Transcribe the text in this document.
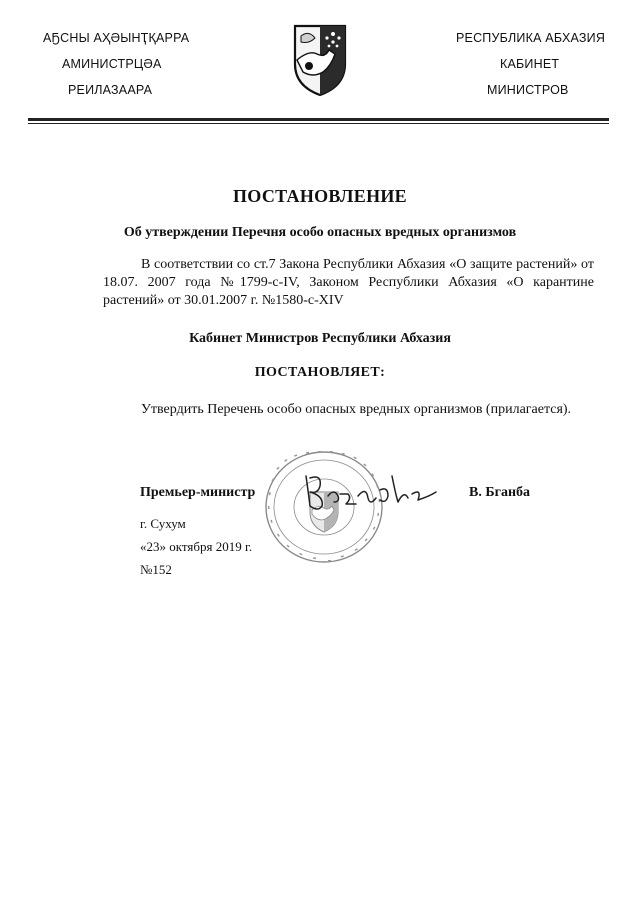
АҔСНЫ АҲӘЫНҬҚАРРА
АМИНИСТРЦӘА
РЕИЛАЗААРА
РЕСПУБЛИКА АБХАЗИЯ
КАБИНЕТ
МИНИСТРОВ
ПОСТАНОВЛЕНИЕ
Об утверждении Перечня особо опасных вредных организмов
В соответствии со ст.7 Закона Республики Абхазия «О защите растений» от 18.07. 2007 года №1799-с-IV, Законом Республики Абхазия «О карантине растений» от 30.01.2007 г. №1580-с-XIV
Кабинет Министров Республики Абхазия
ПОСТАНОВЛЯЕТ:
Утвердить Перечень особо опасных вредных организмов (прилагается).
Премьер-министр	В. Бганба
г. Сухум
«23» октября 2019 г.
№152
